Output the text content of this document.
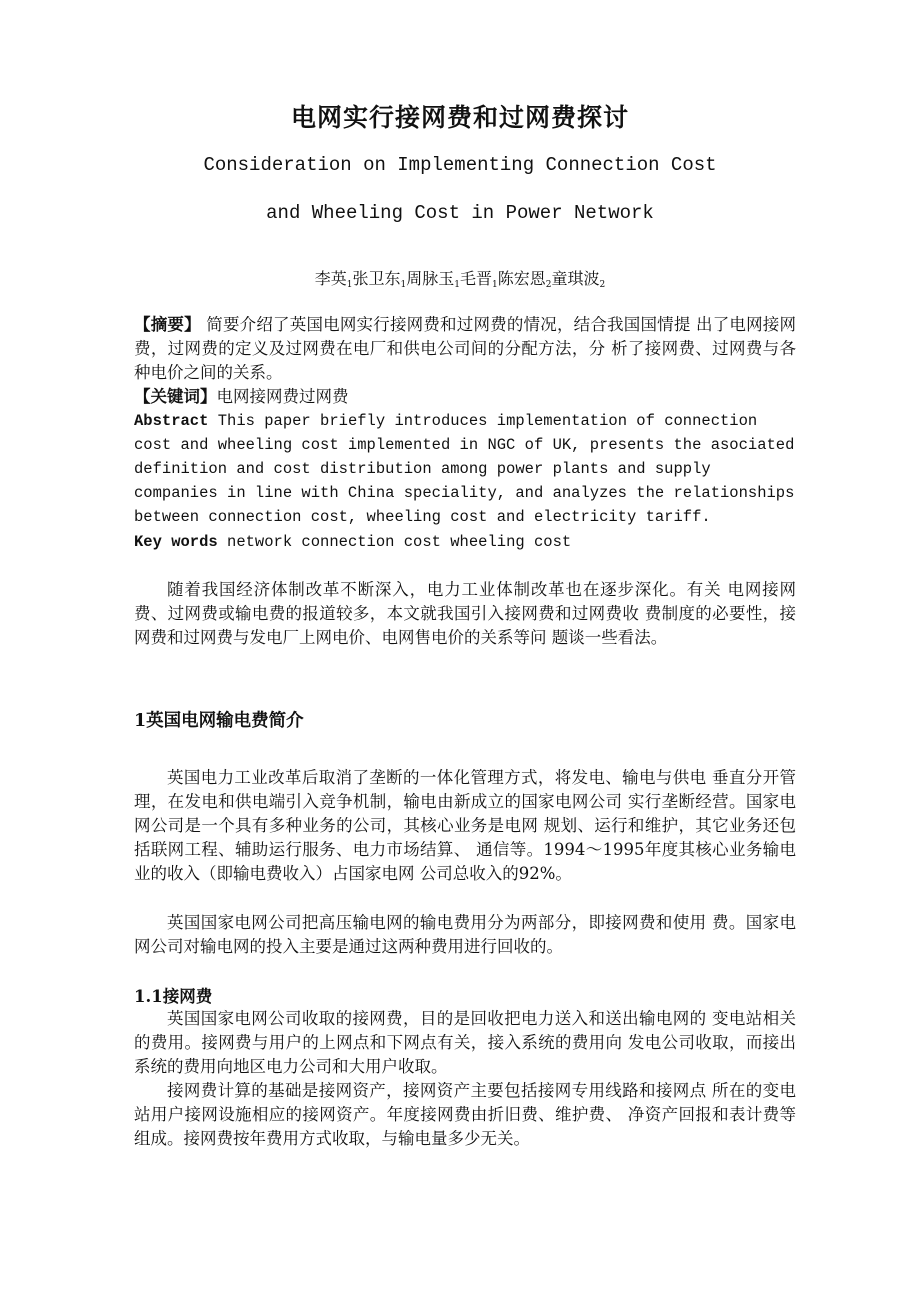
电网实行接网费和过网费探讨

Consideration on Implementing Connection Cost

and Wheeling Cost in Power Network

李英$_1$张卫东$_1$周脉玉$_1$毛晋$_1$陈宏恩$_2$童琪波$_2$

【摘要】 简要介绍了英国电网实行接网费和过网费的情况，结合我国国情提 出了电网接网费，过网费的定义及过网费在电厂和供电公司间的分配方法，分 析了接网费、过网费与各种电价之间的关系。

【关键词】电网接网费过网费

Abstract This paper briefly introduces implementation of connection cost and wheeling cost implemented in NGC of UK, presents the asociated definition and cost distribution among power plants and supply companies in line with China speciality, and analyzes the relationships between connection cost, wheeling cost and electricity tariff.

Key words network connection cost wheeling cost

随着我国经济体制改革不断深入，电力工业体制改革也在逐步深化。有关 电网接网费、过网费或输电费的报道较多，本文就我国引入接网费和过网费收 费制度的必要性，接网费和过网费与发电厂上网电价、电网售电价的关系等问 题谈一些看法。

1英国电网输电费简介

英国电力工业改革后取消了垄断的一体化管理方式，将发电、输电与供电 垂直分开管理，在发电和供电端引入竞争机制，输电由新成立的国家电网公司 实行垄断经营。国家电网公司是一个具有多种业务的公司，其核心业务是电网 规划、运行和维护，其它业务还包括联网工程、辅助运行服务、电力市场结算、 通信等。1994～1995年度其核心业务输电业的收入（即输电费收入）占国家电网 公司总收入的92%。

英国国家电网公司把高压输电网的输电费用分为两部分，即接网费和使用 费。国家电网公司对输电网的投入主要是通过这两种费用进行回收的。

1.1接网费

英国国家电网公司收取的接网费，目的是回收把电力送入和送出输电网的 变电站相关的费用。接网费与用户的上网点和下网点有关，接入系统的费用向 发电公司收取，而接出系统的费用向地区电力公司和大用户收取。

接网费计算的基础是接网资产，接网资产主要包括接网专用线路和接网点 所在的变电站用户接网设施相应的接网资产。年度接网费由折旧费、维护费、 净资产回报和表计费等组成。接网费按年费用方式收取，与输电量多少无关。
